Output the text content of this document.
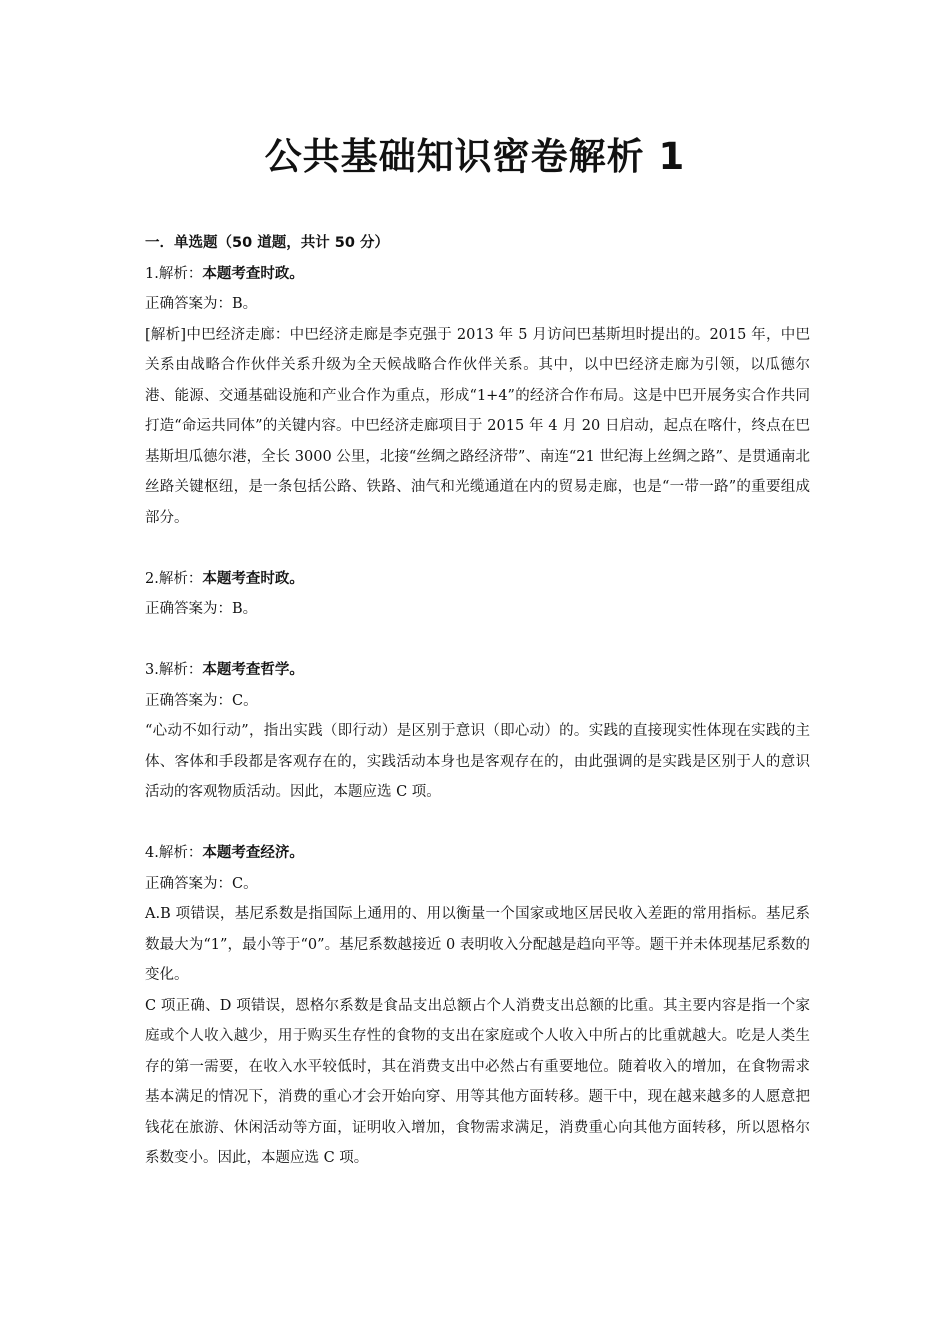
公共基础知识密卷解析 1

一．单选题（50 道题，共计 50 分）

1.解析：本题考查时政。

正确答案为：B。

[解析]中巴经济走廊：中巴经济走廊是李克强于 2013 年 5 月访问巴基斯坦时提出的。2015 年，中巴关系由战略合作伙伴关系升级为全天候战略合作伙伴关系。其中，以中巴经济走廊为引领，以瓜德尔港、能源、交通基础设施和产业合作为重点，形成“1+4”的经济合作布局。这是中巴开展务实合作共同打造“命运共同体”的关键内容。中巴经济走廊项目于 2015 年 4 月 20 日启动，起点在喀什，终点在巴基斯坦瓜德尔港，全长 3000 公里，北接“丝绸之路经济带”、南连“21 世纪海上丝绸之路”、是贯通南北丝路关键枢纽，是一条包括公路、铁路、油气和光缆通道在内的贸易走廊，也是“一带一路”的重要组成部分。

2.解析：本题考查时政。

正确答案为：B。

3.解析：本题考查哲学。

正确答案为：C。

“心动不如行动”，指出实践（即行动）是区别于意识（即心动）的。实践的直接现实性体现在实践的主体、客体和手段都是客观存在的，实践活动本身也是客观存在的，由此强调的是实践是区别于人的意识活动的客观物质活动。因此，本题应选 C 项。

4.解析：本题考查经济。

正确答案为：C。

A.B 项错误，基尼系数是指国际上通用的、用以衡量一个国家或地区居民收入差距的常用指标。基尼系数最大为“1”，最小等于“0”。基尼系数越接近 0 表明收入分配越是趋向平等。题干并未体现基尼系数的变化。

C 项正确、D 项错误，恩格尔系数是食品支出总额占个人消费支出总额的比重。其主要内容是指一个家庭或个人收入越少，用于购买生存性的食物的支出在家庭或个人收入中所占的比重就越大。吃是人类生存的第一需要，在收入水平较低时，其在消费支出中必然占有重要地位。随着收入的增加，在食物需求基本满足的情况下，消费的重心才会开始向穿、用等其他方面转移。题干中，现在越来越多的人愿意把钱花在旅游、休闲活动等方面，证明收入增加，食物需求满足，消费重心向其他方面转移，所以恩格尔系数变小。因此，本题应选 C 项。
